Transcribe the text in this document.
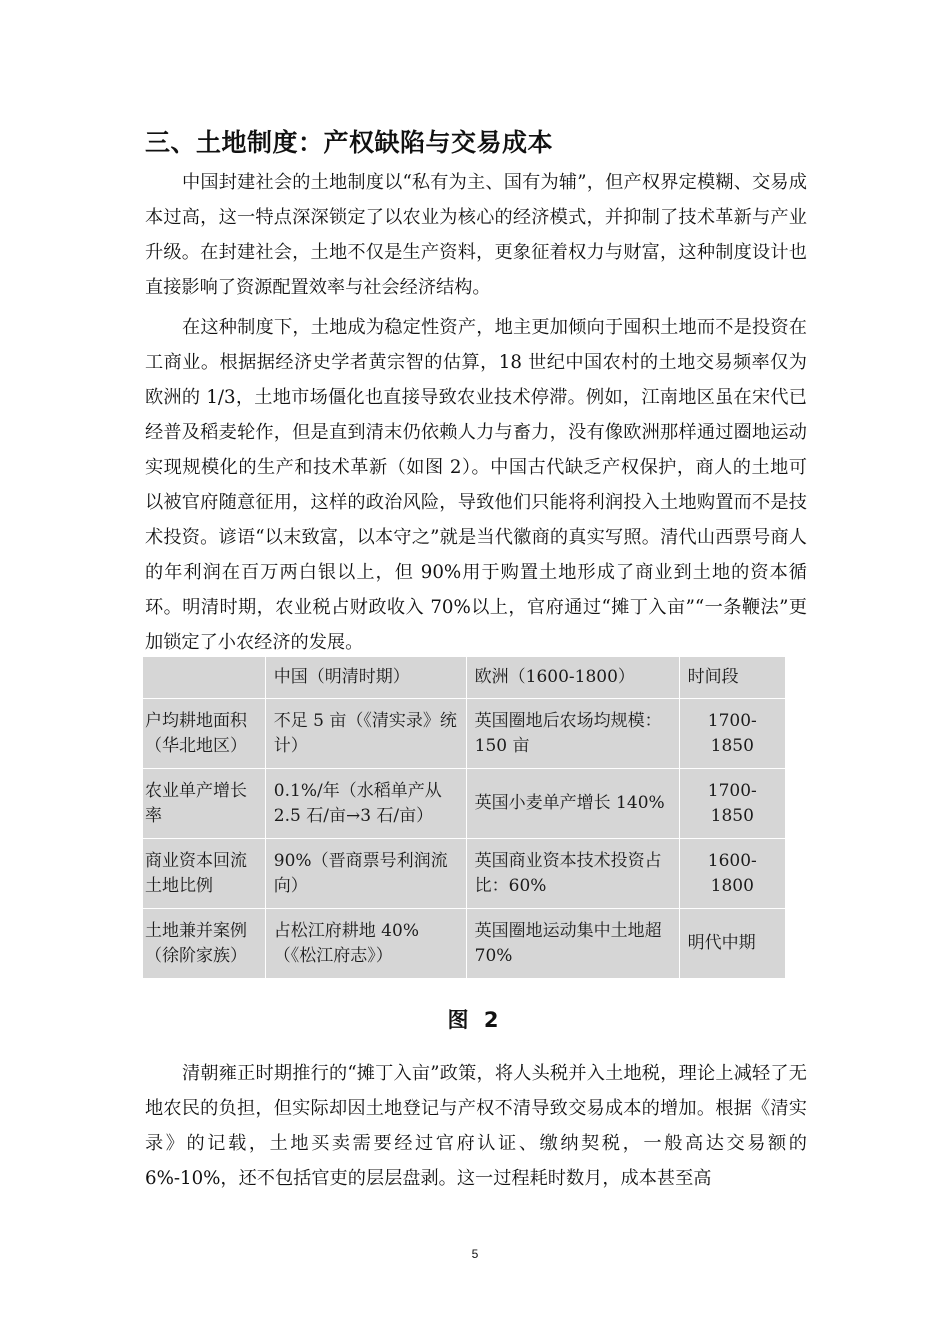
三、土地制度：产权缺陷与交易成本

中国封建社会的土地制度以“私有为主、国有为辅”，但产权界定模糊、交易成本过高，这一特点深深锁定了以农业为核心的经济模式，并抑制了技术革新与产业升级。在封建社会，土地不仅是生产资料，更象征着权力与财富，这种制度设计也直接影响了资源配置效率与社会经济结构。

在这种制度下，土地成为稳定性资产，地主更加倾向于囤积土地而不是投资在工商业。根据据经济史学者黄宗智的估算，18 世纪中国农村的土地交易频率仅为欧洲的 1/3，土地市场僵化也直接导致农业技术停滞。例如，江南地区虽在宋代已经普及稻麦轮作，但是直到清末仍依赖人力与畜力，没有像欧洲那样通过圈地运动实现规模化的生产和技术革新（如图 2）。中国古代缺乏产权保护，商人的土地可以被官府随意征用，这样的政治风险，导致他们只能将利润投入土地购置而不是技术投资。谚语“以末致富，以本守之”就是当代徽商的真实写照。清代山西票号商人的年利润在百万两白银以上，但 90%用于购置土地形成了商业到土地的资本循环。明清时期，农业税占财政收入 70%以上，官府通过“摊丁入亩”“一条鞭法”更加锁定了小农经济的发展。

	中国（明清时期）	欧洲（1600-1800）	时间段
户均耕地面积（华北地区）	不足 5 亩（《清实录》统计）	英国圈地后农场均规模：150 亩	1700-1850
农业单产增长率	0.1%/年（水稻单产从 2.5 石/亩→3 石/亩）	英国小麦单产增长 140%	1700-1850
商业资本回流土地比例	90%（晋商票号利润流向）	英国商业资本技术投资占比：60%	1600-1800
土地兼并案例（徐阶家族）	占松江府耕地 40%（《松江府志》）	英国圈地运动集中土地超 70%	明代中期

图 2

清朝雍正时期推行的“摊丁入亩”政策，将人头税并入土地税，理论上减轻了无地农民的负担，但实际却因土地登记与产权不清导致交易成本的增加。根据《清实录》的记载，土地买卖需要经过官府认证、缴纳契税，一般高达交易额的 6%-10%，还不包括官吏的层层盘剥。这一过程耗时数月，成本甚至高

5
